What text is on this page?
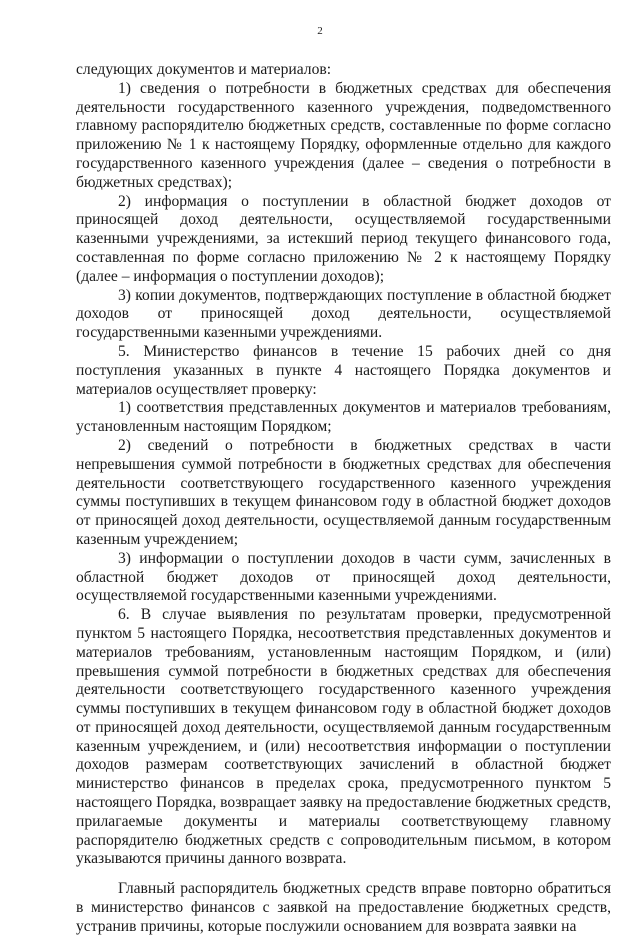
2

следующих документов и материалов:

1) сведения о потребности в бюджетных средствах для обеспечения деятельности государственного казенного учреждения, подведомственного главному распорядителю бюджетных средств, составленные по форме согласно приложению № 1 к настоящему Порядку, оформленные отдельно для каждого государственного казенного учреждения (далее – сведения о потребности в бюджетных средствах);

2) информация о поступлении в областной бюджет доходов от приносящей доход деятельности, осуществляемой государственными казенными учреждениями, за истекший период текущего финансового года, составленная по форме согласно приложению № 2 к настоящему Порядку (далее – информация о поступлении доходов);

3) копии документов, подтверждающих поступление в областной бюджет доходов от приносящей доход деятельности, осуществляемой государственными казенными учреждениями.

5. Министерство финансов в течение 15 рабочих дней со дня поступления указанных в пункте 4 настоящего Порядка документов и материалов осуществляет проверку:

1) соответствия представленных документов и материалов требованиям, установленным настоящим Порядком;

2) сведений о потребности в бюджетных средствах в части непревышения суммой потребности в бюджетных средствах для обеспечения деятельности соответствующего государственного казенного учреждения суммы поступивших в текущем финансовом году в областной бюджет доходов от приносящей доход деятельности, осуществляемой данным государственным казенным учреждением;

3) информации о поступлении доходов в части сумм, зачисленных в областной бюджет доходов от приносящей доход деятельности, осуществляемой государственными казенными учреждениями.

6. В случае выявления по результатам проверки, предусмотренной пунктом 5 настоящего Порядка, несоответствия представленных документов и материалов требованиям, установленным настоящим Порядком, и (или) превышения суммой потребности в бюджетных средствах для обеспечения деятельности соответствующего государственного казенного учреждения суммы поступивших в текущем финансовом году в областной бюджет доходов от приносящей доход деятельности, осуществляемой данным государственным казенным учреждением, и (или) несоответствия информации о поступлении доходов размерам соответствующих зачислений в областной бюджет министерство финансов в пределах срока, предусмотренного пунктом 5 настоящего Порядка, возвращает заявку на предоставление бюджетных средств, прилагаемые документы и материалы соответствующему главному распорядителю бюджетных средств с сопроводительным письмом, в котором указываются причины данного возврата.

Главный распорядитель бюджетных средств вправе повторно обратиться в министерство финансов с заявкой на предоставление бюджетных средств, устранив причины, которые послужили основанием для возврата заявки на
